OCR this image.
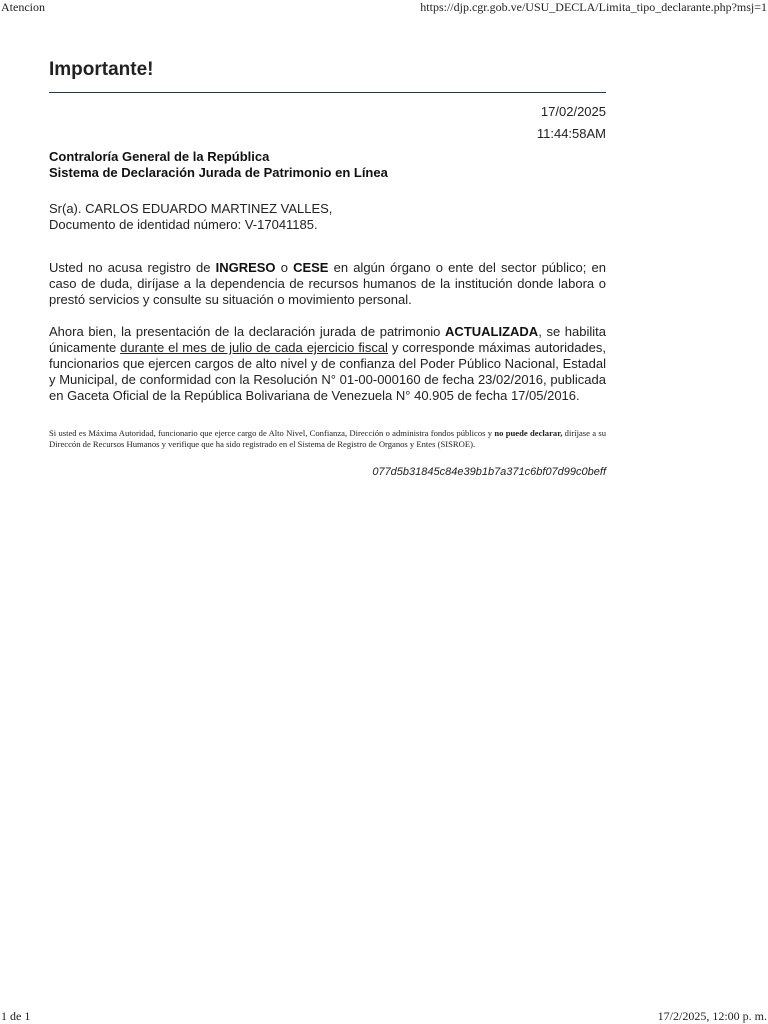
Atencion	https://djp.cgr.gob.ve/USU_DECLA/Limita_tipo_declarante.php?msj=1
Importante!
17/02/2025
11:44:58AM
Contraloría General de la República
Sistema de Declaración Jurada de Patrimonio en Línea
Sr(a). CARLOS EDUARDO MARTINEZ VALLES,
Documento de identidad número: V-17041185.

Usted no acusa registro de INGRESO o CESE en algún órgano o ente del sector público; en caso de duda, diríjase a la dependencia de recursos humanos de la institución donde labora o prestó servicios y consulte su situación o movimiento personal.

Ahora bien, la presentación de la declaración jurada de patrimonio ACTUALIZADA, se habilita únicamente durante el mes de julio de cada ejercicio fiscal y corresponde máximas autoridades, funcionarios que ejercen cargos de alto nivel y de confianza del Poder Público Nacional, Estadal y Municipal, de conformidad con la Resolución N° 01-00-000160 de fecha 23/02/2016, publicada en Gaceta Oficial de la República Bolivariana de Venezuela N° 40.905 de fecha 17/05/2016.

Si usted es Máxima Autoridad, funcionario que ejerce cargo de Alto Nivel, Confianza, Dirección o administra fondos públicos y no puede declarar, diríjase a su Direccón de Recursos Humanos y verifique que ha sido registrado en el Sistema de Registro de Organos y Entes (SISROE).

077d5b31845c84e39b1b7a371c6bf07d99c0beff
1 de 1	17/2/2025, 12:00 p. m.
